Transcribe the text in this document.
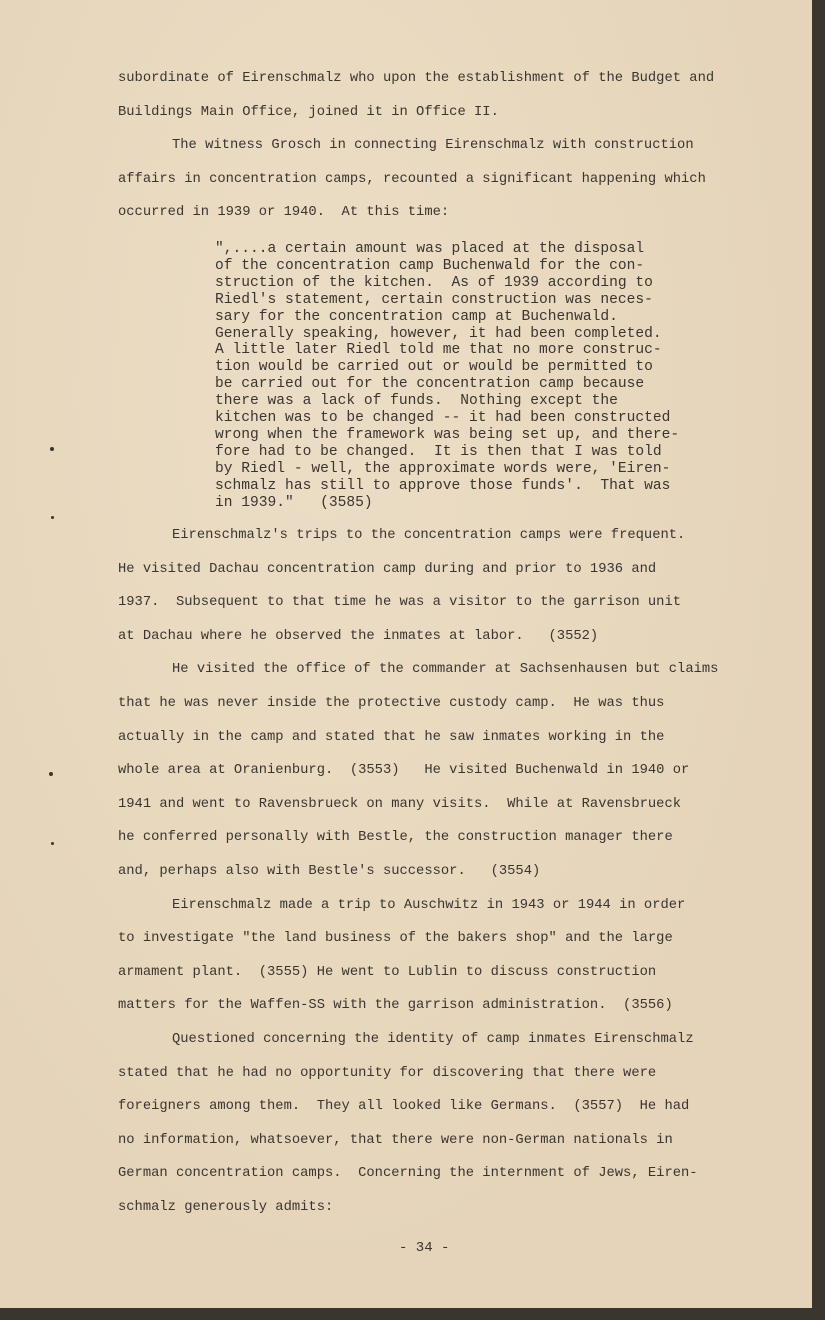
- 34 -
subordinate of Eirenschmalz who upon the establishment of the Budget and
Buildings Main Office, joined it in Office II.
The witness Grosch in connecting Eirenschmalz with construction
affairs in concentration camps, recounted a significant happening which
occurred in 1939 or 1940.  At this time:
",....a certain amount was placed at the disposal
of the concentration camp Buchenwald for the con-
struction of the kitchen.  As of 1939 according to
Riedl's statement, certain construction was neces-
sary for the concentration camp at Buchenwald.
Generally speaking, however, it had been completed.
A little later Riedl told me that no more construc-
tion would be carried out or would be permitted to
be carried out for the concentration camp because
there was a lack of funds.  Nothing except the
kitchen was to be changed -- it had been constructed
wrong when the framework was being set up, and there-
fore had to be changed.  It is then that I was told
by Riedl - well, the approximate words were, 'Eiren-
schmalz has still to approve those funds'.  That was
in 1939."   (3585)
Eirenschmalz's trips to the concentration camps were frequent.
He visited Dachau concentration camp during and prior to 1936 and
1937.  Subsequent to that time he was a visitor to the garrison unit
at Dachau where he observed the inmates at labor.   (3552)
He visited the office of the commander at Sachsenhausen but claims
that he was never inside the protective custody camp.  He was thus
actually in the camp and stated that he saw inmates working in the
whole area at Oranienburg.  (3553)   He visited Buchenwald in 1940 or
1941 and went to Ravensbrueck on many visits.  While at Ravensbrueck
he conferred personally with Bestle, the construction manager there
and, perhaps also with Bestle's successor.   (3554)
Eirenschmalz made a trip to Auschwitz in 1943 or 1944 in order
to investigate "the land business of the bakers shop" and the large
armament plant.  (3555) He went to Lublin to discuss construction
matters for the Waffen-SS with the garrison administration.  (3556)
Questioned concerning the identity of camp inmates Eirenschmalz
stated that he had no opportunity for discovering that there were
foreigners among them.  They all looked like Germans.  (3557)  He had
no information, whatsoever, that there were non-German nationals in
German concentration camps.  Concerning the internment of Jews, Eiren-
schmalz generously admits:
